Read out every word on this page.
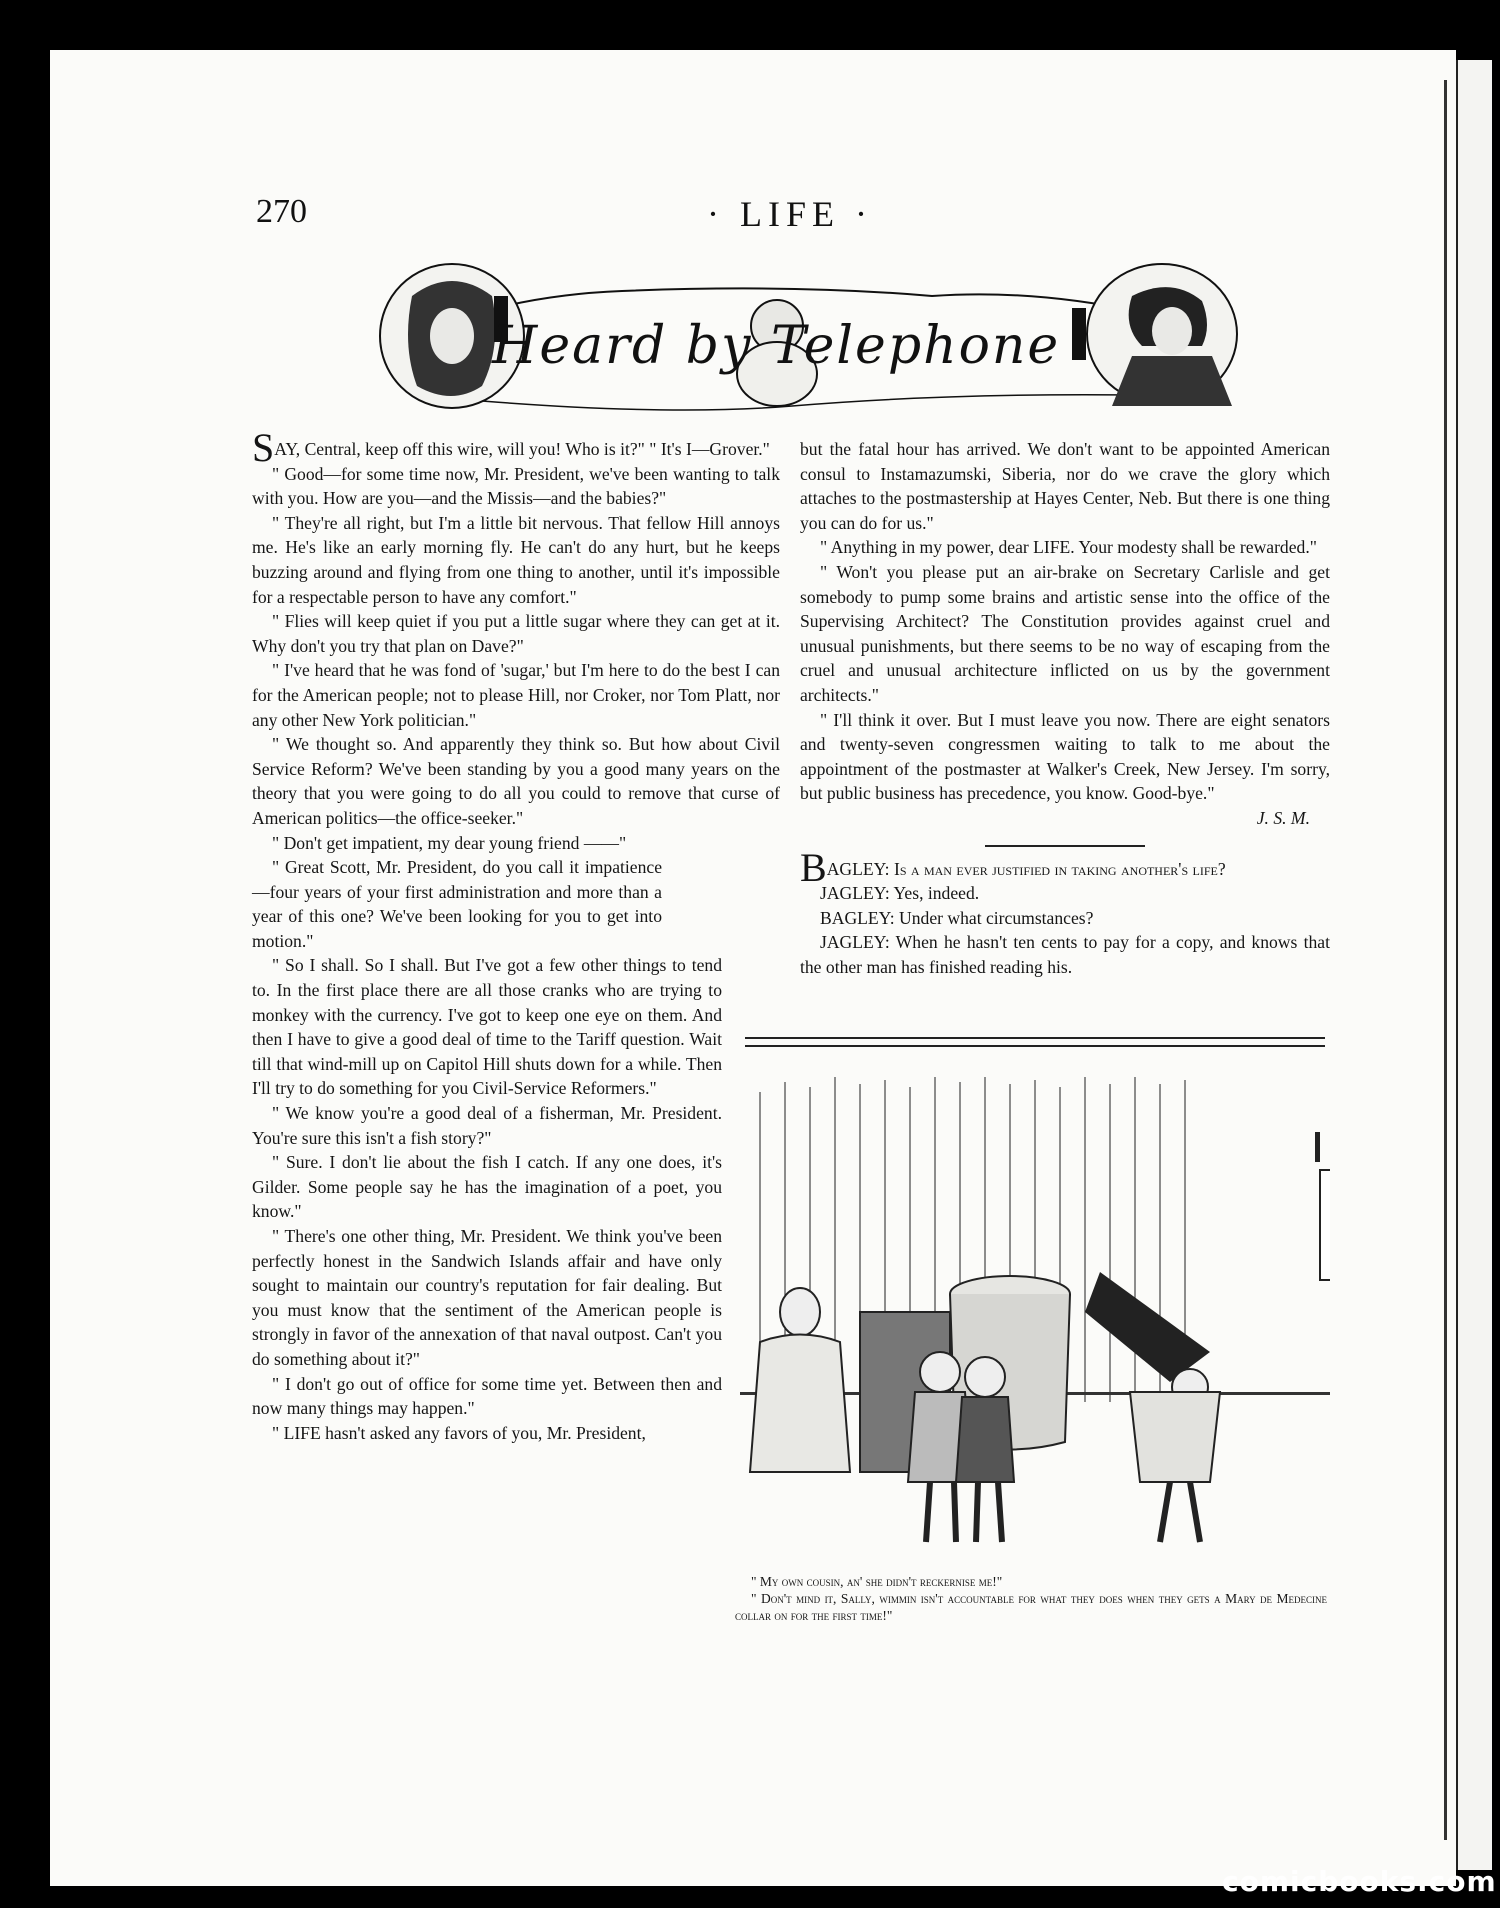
270	· LIFE ·
Heard by Telephone

SAY, Central, keep off this wire, will you! Who is it?" " It's I—Grover."

" Good—for some time now, Mr. President, we've been wanting to talk with you. How are you—and the Missis—and the babies?"

" They're all right, but I'm a little bit nervous. That fellow Hill annoys me. He's like an early morning fly. He can't do any hurt, but he keeps buzzing around and flying from one thing to another, until it's impossible for a respectable person to have any comfort."

" Flies will keep quiet if you put a little sugar where they can get at it. Why don't you try that plan on Dave?"

" I've heard that he was fond of 'sugar,' but I'm here to do the best I can for the American people; not to please Hill, nor Croker, nor Tom Platt, nor any other New York politician."

" We thought so. And apparently they think so. But how about Civil Service Reform? We've been standing by you a good many years on the theory that you were going to do all you could to remove that curse of American politics—the office-seeker."

" Don't get impatient, my dear young friend ——"

" Great Scott, Mr. President, do you call it impatience—four years of your first administration and more than a year of this one? We've been looking for you to get into motion."

" So I shall. So I shall. But I've got a few other things to tend to. In the first place there are all those cranks who are trying to monkey with the currency. I've got to keep one eye on them. And then I have to give a good deal of time to the Tariff question. Wait till that wind-mill up on Capitol Hill shuts down for a while. Then I'll try to do something for you Civil-Service Reformers."

" We know you're a good deal of a fisherman, Mr. President. You're sure this isn't a fish story?"

" Sure. I don't lie about the fish I catch. If any one does, it's Gilder. Some people say he has the imagination of a poet, you know."

" There's one other thing, Mr. President. We think you've been perfectly honest in the Sandwich Islands affair and have only sought to maintain our country's reputation for fair dealing. But you must know that the sentiment of the American people is strongly in favor of the annexation of that naval outpost. Can't you do something about it?"

" I don't go out of office for some time yet. Between then and now many things may happen."

" LIFE hasn't asked any favors of you, Mr. President,

but the fatal hour has arrived. We don't want to be appointed American consul to Instamazumski, Siberia, nor do we crave the glory which attaches to the postmastership at Hayes Center, Neb. But there is one thing you can do for us."

" Anything in my power, dear LIFE. Your modesty shall be rewarded."

" Won't you please put an air-brake on Secretary Carlisle and get somebody to pump some brains and artistic sense into the office of the Supervising Architect? The Constitution provides against cruel and unusual punishments, but there seems to be no way of escaping from the cruel and unusual architecture inflicted on us by the government architects."

" I'll think it over. But I must leave you now. There are eight senators and twenty-seven congressmen waiting to talk to me about the appointment of the postmaster at Walker's Creek, New Jersey. I'm sorry, but public business has precedence, you know. Good-bye."

J. S. M.

BAGLEY: Is a man ever justified in taking another's life?

JAGLEY: Yes, indeed.

BAGLEY: Under what circumstances?

JAGLEY: When he hasn't ten cents to pay for a copy, and knows that the other man has finished reading his.

" My own cousin, an' she didn't reckernise me!"

" Don't mind it, Sally, wimmin isn't accountable for what they does when they gets a Mary de Medecine collar on for the first time!"

comicbooks.com
